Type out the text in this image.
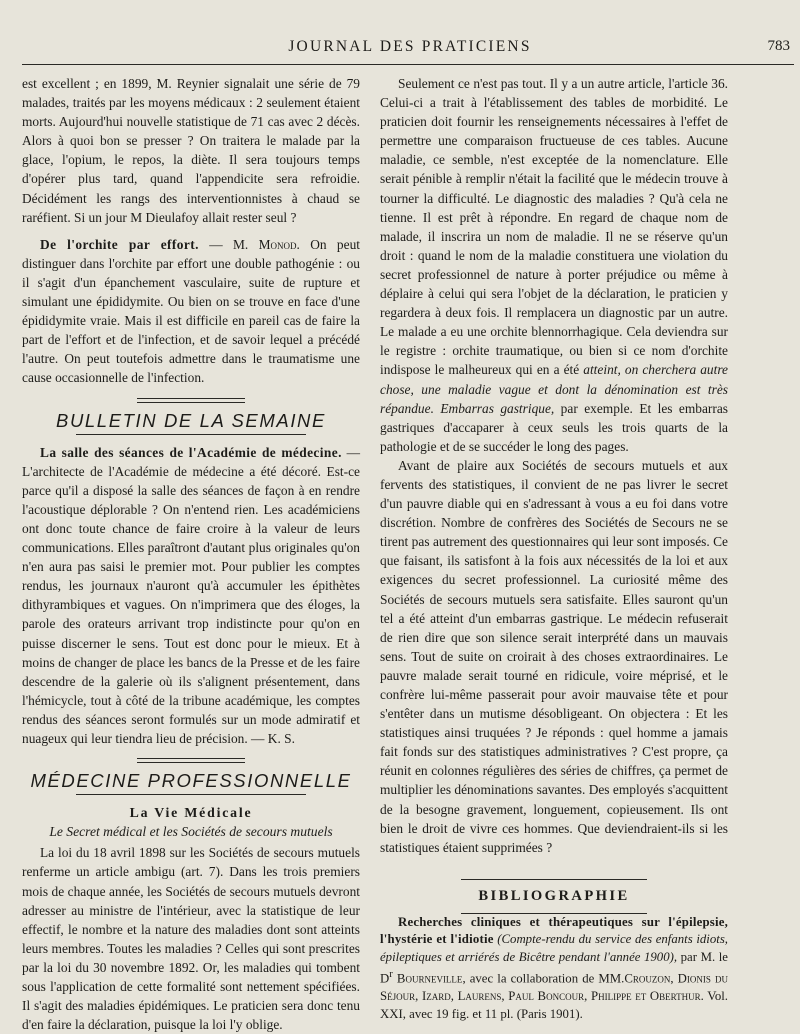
JOURNAL DES PRATICIENS	783

est excellent ; en 1899, M. Reynier signalait une série de 79 malades, traités par les moyens médicaux : 2 seulement étaient morts. Aujourd'hui nouvelle statistique de 71 cas avec 2 décès. Alors à quoi bon se presser ? On traitera le malade par la glace, l'opium, le repos, la diète. Il sera toujours temps d'opérer plus tard, quand l'appendicite sera refroidie. Décidément les rangs des interventionnistes à chaud se raréfient. Si un jour M Dieulafoy allait rester seul ?

De l'orchite par effort. — M. Monod. On peut distinguer dans l'orchite par effort une double pathogénie : ou il s'agit d'un épanchement vasculaire, suite de rupture et simulant une épididymite. Ou bien on se trouve en face d'une épididymite vraie. Mais il est difficile en pareil cas de faire la part de l'effort et de l'infection, et de savoir lequel a précédé l'autre. On peut toutefois admettre dans le traumatisme une cause occasionnelle de l'infection.

BULLETIN DE LA SEMAINE

La salle des séances de l'Académie de médecine. — L'architecte de l'Académie de médecine a été décoré. Est-ce parce qu'il a disposé la salle des séances de façon à en rendre l'acoustique déplorable ? On n'entend rien. Les académiciens ont donc toute chance de faire croire à la valeur de leurs communications. Elles paraîtront d'autant plus originales qu'on n'en aura pas saisi le premier mot. Pour publier les comptes rendus, les journaux n'auront qu'à accumuler les épithètes dithyrambiques et vagues. On n'imprimera que des éloges, la parole des orateurs arrivant trop indistincte pour qu'on en puisse discerner le sens. Tout est donc pour le mieux. Et à moins de changer de place les bancs de la Presse et de les faire descendre de la galerie où ils s'alignent présentement, dans l'hémicycle, tout à côté de la tribune académique, les comptes rendus des séances seront formulés sur un mode admiratif et nuageux qui leur tiendra lieu de précision. — K. S.

MÉDECINE PROFESSIONNELLE
La Vie Médicale
Le Secret médical et les Sociétés de secours mutuels

La loi du 18 avril 1898 sur les Sociétés de secours mutuels renferme un article ambigu (art. 7). Dans les trois premiers mois de chaque année, les Sociétés de secours mutuels devront adresser au ministre de l'intérieur, avec la statistique de leur effectif, le nombre et la nature des maladies dont sont atteints leurs membres. Toutes les maladies ? Celles qui sont prescrites par la loi du 30 novembre 1892. Or, les maladies qui tombent sous l'application de cette formalité sont nettement spécifiées. Il s'agit des maladies épidémiques. Le praticien sera donc tenu d'en faire la déclaration, puisque la loi l'y oblige.

Seulement ce n'est pas tout. Il y a un autre article, l'article 36. Celui-ci a trait à l'établissement des tables de morbidité. Le praticien doit fournir les renseignements nécessaires à l'effet de permettre une comparaison fructueuse de ces tables. Aucune maladie, ce semble, n'est exceptée de la nomenclature. Elle serait pénible à remplir n'était la facilité que le médecin trouve à tourner la difficulté. Le diagnostic des maladies ? Qu'à cela ne tienne. Il est prêt à répondre. En regard de chaque nom de malade, il inscrira un nom de maladie. Il ne se réserve qu'un droit : quand le nom de la maladie constituera une violation du secret professionnel de nature à porter préjudice ou même à déplaire à celui qui sera l'objet de la déclaration, le praticien y regardera à deux fois. Il remplacera un diagnostic par un autre. Le malade a eu une orchite blennorrhagique. Cela deviendra sur le registre : orchite traumatique, ou bien si ce nom d'orchite indispose le malheureux qui en a été atteint, on cherchera autre chose, une maladie vague et dont la dénomination est très répandue. Embarras gastrique, par exemple. Et les embarras gastriques d'accaparer à ceux seuls les trois quarts de la pathologie et de se succéder le long des pages.

Avant de plaire aux Sociétés de secours mutuels et aux fervents des statistiques, il convient de ne pas livrer le secret d'un pauvre diable qui en s'adressant à vous a eu foi dans votre discrétion. Nombre de confrères des Sociétés de Secours ne se tirent pas autrement des questionnaires qui leur sont imposés. Ce que faisant, ils satisfont à la fois aux nécessités de la loi et aux exigences du secret professionnel. La curiosité même des Sociétés de secours mutuels sera satisfaite. Elles sauront qu'un tel a été atteint d'un embarras gastrique. Le médecin refuserait de rien dire que son silence serait interprété dans un mauvais sens. Tout de suite on croirait à des choses extraordinaires. Le pauvre malade serait tourné en ridicule, voire méprisé, et le confrère lui-même passerait pour avoir mauvaise tête et pour s'entêter dans un mutisme désobligeant. On objectera : Et les statistiques ainsi truquées ? Je réponds : quel homme a jamais fait fonds sur des statistiques administratives ? C'est propre, ça réunit en colonnes régulières des séries de chiffres, ça permet de multiplier les dénominations savantes. Des employés s'acquittent de la besogne gravement, longuement, copieusement. Ils ont bien le droit de vivre ces hommes. Que deviendraient-ils si les statistiques étaient supprimées ?

BIBLIOGRAPHIE

Recherches cliniques et thérapeutiques sur l'épilepsie, l'hystérie et l'idiotie (Compte-rendu du service des enfants idiots, épileptiques et arriérés de Bicêtre pendant l'année 1900), par M. le $D^r$ Bourneville, avec la collaboration de MM.Crouzon, Dionis du Séjour, Izard, Laurens, Paul Boncour, Philippe et Oberthur. Vol. XXI, avec 19 fig. et 11 pl. (Paris 1901).
